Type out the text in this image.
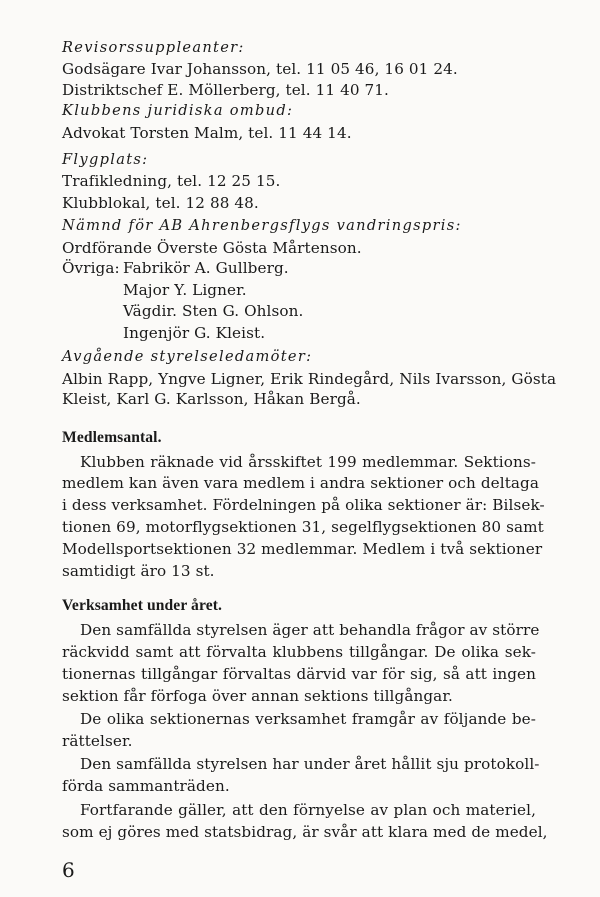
Revisorssuppleanter:
Godsägare Ivar Johansson, tel. 11 05 46, 16 01 24.
Distriktschef E. Möllerberg, tel. 11 40 71.
Klubbens juridiska ombud:
Advokat Torsten Malm, tel. 11 44 14.
Flygplats:
Trafikledning, tel. 12 25 15.
Klubblokal, tel. 12 88 48.
Nämnd för AB Ahrenbergsflygs vandringspris:
Ordförande Överste Gösta Mårtenson.
Övriga: Fabrikör A. Gullberg.
Major Y. Ligner.
Vägdir. Sten G. Ohlson.
Ingenjör G. Kleist.
Avgående styrelseledamöter:
Albin Rapp, Yngve Ligner, Erik Rindegård, Nils Ivarsson, Gösta
Kleist, Karl G. Karlsson, Håkan Bergå.
Medlemsantal.
Klubben räknade vid årsskiftet 199 medlemmar. Sektions-
medlem kan även vara medlem i andra sektioner och deltaga
i dess verksamhet. Fördelningen på olika sektioner är: Bilsek-
tionen 69, motorflygsektionen 31, segelflygsektionen 80 samt
Modellsportsektionen 32 medlemmar. Medlem i två sektioner
samtidigt äro 13 st.
Verksamhet under året.
Den samfällda styrelsen äger att behandla frågor av större
räckvidd samt att förvalta klubbens tillgångar. De olika sek-
tionernas tillgångar förvaltas därvid var för sig, så att ingen
sektion får förfoga över annan sektions tillgångar.
De olika sektionernas verksamhet framgår av följande be-
rättelser.
Den samfällda styrelsen har under året hållit sju protokoll-
förda sammanträden.
Fortfarande gäller, att den förnyelse av plan och materiel,
som ej göres med statsbidrag, är svår att klara med de medel,
6
